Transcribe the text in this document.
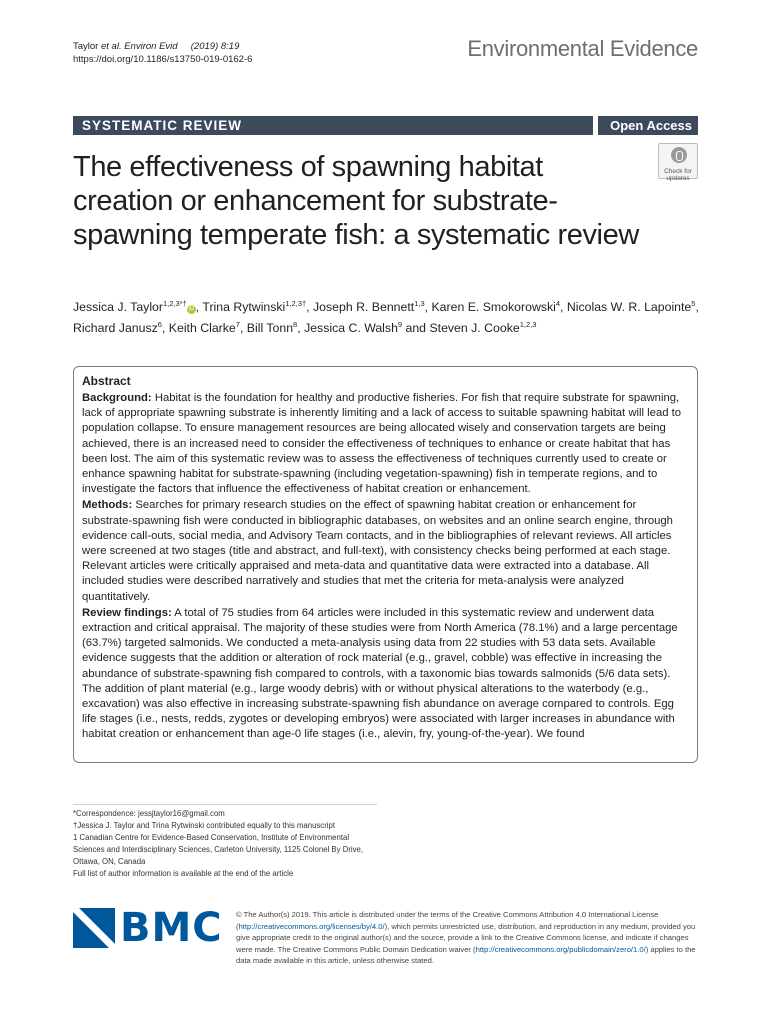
Taylor et al. Environ Evid (2019) 8:19
https://doi.org/10.1186/s13750-019-0162-6	Environmental Evidence
SYSTEMATIC REVIEW	Open Access
The effectiveness of spawning habitat creation or enhancement for substrate-spawning temperate fish: a systematic review
Check for
updates
Jessica J. Taylor$^{1,2,3*\dagger}$iD , Trina Rytwinski$^{1,2,3\dagger}$, Joseph R. Bennett$^{1,3}$, Karen E. Smokorowski$^4$, Nicolas W. R. Lapointe$^5$,
Richard Janusz$^6$, Keith Clarke$^7$, Bill Tonn$^8$, Jessica C. Walsh$^9$ and Steven J. Cooke$^{1,2,3}$
Abstract

Background: Habitat is the foundation for healthy and productive fisheries. For fish that require substrate for spawning, lack of appropriate spawning substrate is inherently limiting and a lack of access to suitable spawning habitat will lead to population collapse. To ensure management resources are being allocated wisely and conservation targets are being achieved, there is an increased need to consider the effectiveness of techniques to enhance or create habitat that has been lost. The aim of this systematic review was to assess the effectiveness of techniques currently used to create or enhance spawning habitat for substrate-spawning (including vegetation-spawning) fish in temperate regions, and to investigate the factors that influence the effectiveness of habitat creation or enhancement.

Methods: Searches for primary research studies on the effect of spawning habitat creation or enhancement for substrate-spawning fish were conducted in bibliographic databases, on websites and an online search engine, through evidence call-outs, social media, and Advisory Team contacts, and in the bibliographies of relevant reviews. All articles were screened at two stages (title and abstract, and full-text), with consistency checks being performed at each stage. Relevant articles were critically appraised and meta-data and quantitative data were extracted into a database. All included studies were described narratively and studies that met the criteria for meta-analysis were analyzed quantitatively.

Review findings: A total of 75 studies from 64 articles were included in this systematic review and underwent data extraction and critical appraisal. The majority of these studies were from North America (78.1%) and a large percentage (63.7%) targeted salmonids. We conducted a meta-analysis using data from 22 studies with 53 data sets. Available evidence suggests that the addition or alteration of rock material (e.g., gravel, cobble) was effective in increasing the abundance of substrate-spawning fish compared to controls, with a taxonomic bias towards salmonids (5/6 data sets). The addition of plant material (e.g., large woody debris) with or without physical alterations to the waterbody (e.g., excavation) was also effective in increasing substrate-spawning fish abundance on average compared to controls. Egg life stages (i.e., nests, redds, zygotes or developing embryos) were associated with larger increases in abundance with habitat creation or enhancement than age-0 life stages (i.e., alevin, fry, young-of-the-year). We found

*Correspondence: jessjtaylor16@gmail.com

†Jessica J. Taylor and Trina Rytwinski contributed equally to this manuscript

1 Canadian Centre for Evidence-Based Conservation, Institute of Environmental Sciences and Interdisciplinary Sciences, Carleton University, 1125 Colonel By Drive, Ottawa, ON, Canada

Full list of author information is available at the end of the article

BMC © The Author(s) 2019. This article is distributed under the terms of the Creative Commons Attribution 4.0 International License (http://creativecommons.org/licenses/by/4.0/), which permits unrestricted use, distribution, and reproduction in any medium, provided you give appropriate credit to the original author(s) and the source, provide a link to the Creative Commons license, and indicate if changes were made. The Creative Commons Public Domain Dedication waiver (http://creativecommons.org/publicdomain/zero/1.0/) applies to the data made available in this article, unless otherwise stated.
